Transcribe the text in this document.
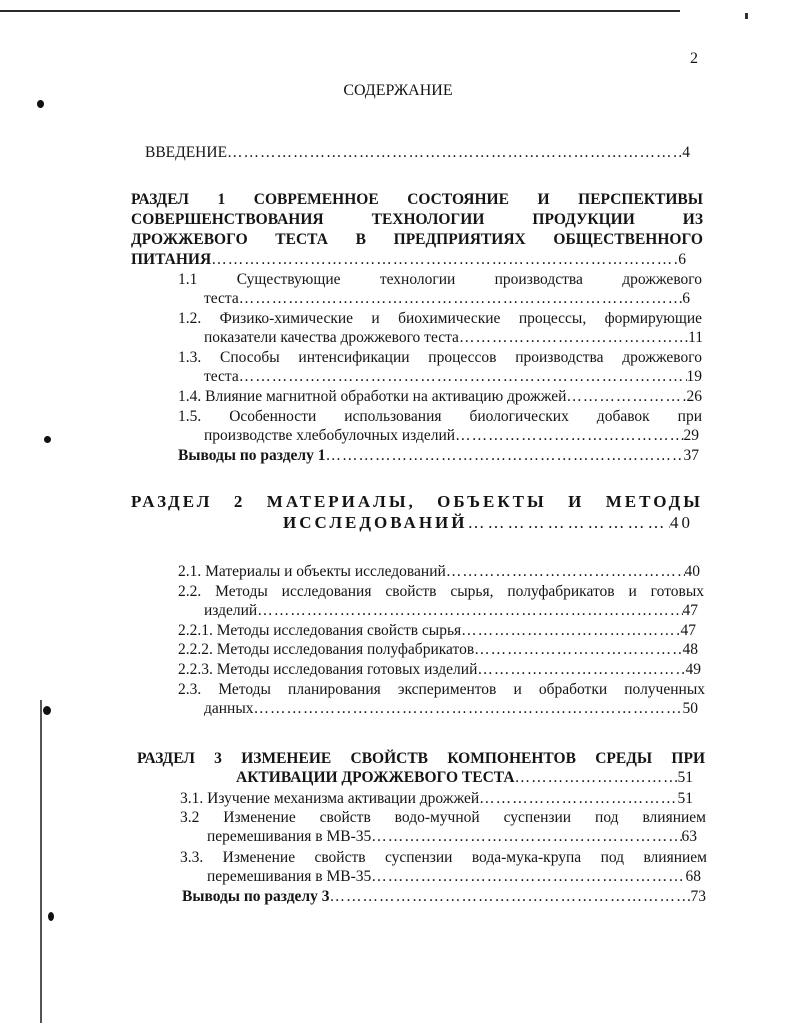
2
СОДЕРЖАНИЕ
ВВЕДЕНИЕ …………………………………………………………………………………………………………………………………………………………………	4
РАЗДЕЛ 1 СОВРЕМЕННОЕ СОСТОЯНИЕ И ПЕРСПЕКТИВЫ
СОВЕРШЕНСТВОВАНИЯ ТЕХНОЛОГИИ ПРОДУКЦИИ ИЗ
ДРОЖЖЕВОГО ТЕСТА В ПРЕДПРИЯТИЯХ ОБЩЕСТВЕННОГО
ПИТАНИЯ …………………………………………………………………………………………………………………………………………………………………	6
1.1 Существующие технологии производства дрожжевого
теста …………………………………………………………………………………………………………………………………………………………………	6
1.2. Физико-химические и биохимические процессы, формирующие
показатели качества дрожжевого теста …………………………………………………………………………………………………………………………………………………………………	11
1.3. Способы интенсификации процессов производства дрожжевого
теста …………………………………………………………………………………………………………………………………………………………………	19
1.4. Влияние магнитной обработки на активацию дрожжей …………………………………………………………………………………………………………………………………………………………………	26
1.5. Особенности использования биологических добавок при
производстве хлебобулочных изделий …………………………………………………………………………………………………………………………………………………………………	29
Выводы по разделу 1 …………………………………………………………………………………………………………………………………………………………………	37
РАЗДЕЛ 2 МАТЕРИАЛЫ, ОБЪЕКТЫ И МЕТОДЫ
ИССЛЕДОВАНИЙ …………………………………………………………………………………………………………………………………………………………………	40
2.1. Материалы и объекты исследований …………………………………………………………………………………………………………………………………………………………………	40
2.2. Методы исследования свойств сырья, полуфабрикатов и готовых
изделий …………………………………………………………………………………………………………………………………………………………………	47
2.2.1. Методы исследования свойств сырья …………………………………………………………………………………………………………………………………………………………………	47
2.2.2. Методы исследования полуфабрикатов …………………………………………………………………………………………………………………………………………………………………	48
2.2.3. Методы исследования готовых изделий …………………………………………………………………………………………………………………………………………………………………	49
2.3. Методы планирования экспериментов и обработки полученных
данных …………………………………………………………………………………………………………………………………………………………………	50
РАЗДЕЛ 3 ИЗМЕНЕИЕ СВОЙСТВ КОМПОНЕНТОВ СРЕДЫ ПРИ
АКТИВАЦИИ ДРОЖЖЕВОГО ТЕСТА …………………………………………………………………………………………………………………………………………………………………	51
3.1. Изучение механизма активации дрожжей …………………………………………………………………………………………………………………………………………………………………	51
3.2 Изменение свойств водо-мучной суспензии под влиянием
перемешивания в МВ-35 …………………………………………………………………………………………………………………………………………………………………	63
3.3. Изменение свойств суспензии вода-мука-крупа под влиянием
перемешивания в МВ-35 …………………………………………………………………………………………………………………………………………………………………	68
Выводы по разделу 3 …………………………………………………………………………………………………………………………………………………………………	73
